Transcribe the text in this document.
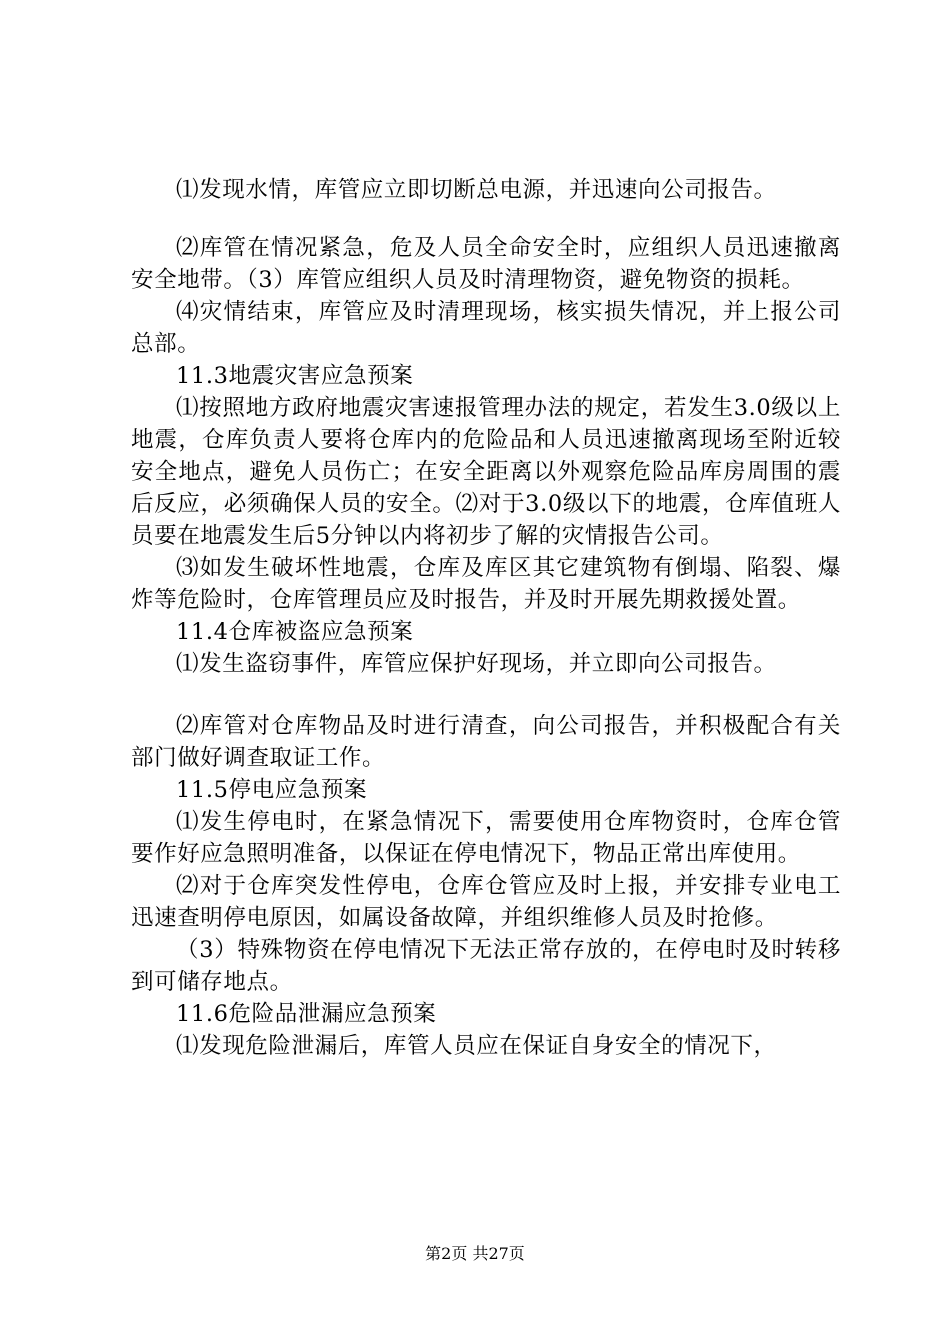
⑴发现水情，库管应立即切断总电源，并迅速向公司报告。

⑵库管在情况紧急，危及人员全命安全时，应组织人员迅速撤离安全地带。（3）库管应组织人员及时清理物资，避免物资的损耗。

⑷灾情结束，库管应及时清理现场，核实损失情况，并上报公司总部。

11.3地震灾害应急预案

⑴按照地方政府地震灾害速报管理办法的规定，若发生3.0级以上地震，仓库负责人要将仓库内的危险品和人员迅速撤离现场至附近较安全地点，避免人员伤亡；在安全距离以外观察危险品库房周围的震后反应，必须确保人员的安全。⑵对于3.0级以下的地震，仓库值班人员要在地震发生后5分钟以内将初步了解的灾情报告公司。

⑶如发生破坏性地震，仓库及库区其它建筑物有倒塌、陷裂、爆炸等危险时，仓库管理员应及时报告，并及时开展先期救援处置。

11.4仓库被盗应急预案

⑴发生盗窃事件，库管应保护好现场，并立即向公司报告。

⑵库管对仓库物品及时进行清查，向公司报告，并积极配合有关部门做好调查取证工作。

11.5停电应急预案

⑴发生停电时，在紧急情况下，需要使用仓库物资时，仓库仓管要作好应急照明准备，以保证在停电情况下，物品正常出库使用。

⑵对于仓库突发性停电，仓库仓管应及时上报，并安排专业电工迅速查明停电原因，如属设备故障，并组织维修人员及时抢修。

（3）特殊物资在停电情况下无法正常存放的，在停电时及时转移到可储存地点。

11.6危险品泄漏应急预案

⑴发现危险泄漏后，库管人员应在保证自身安全的情况下，

第2页 共27页
